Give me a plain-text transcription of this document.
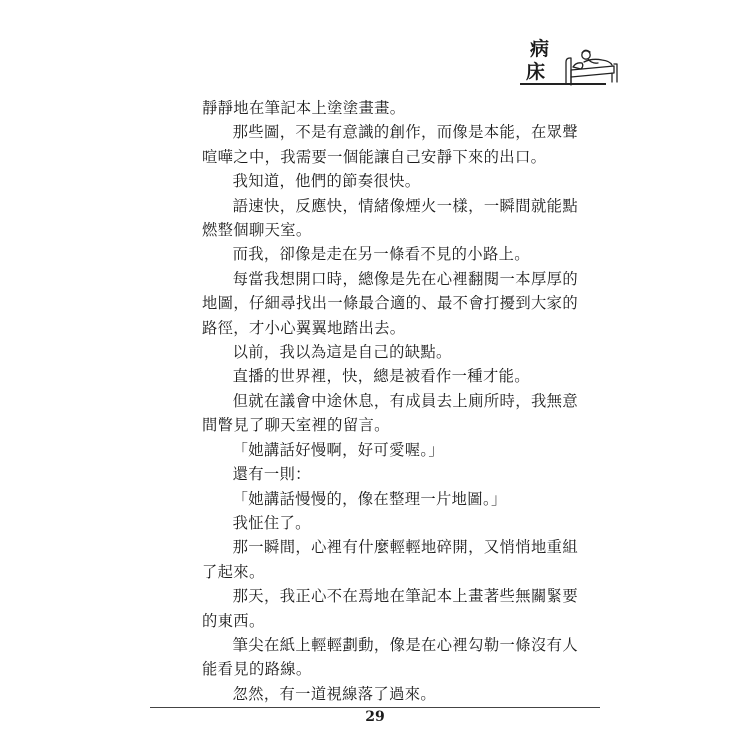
病
床

靜靜地在筆記本上塗塗畫畫。

那些圖，不是有意識的創作，而像是本能，在眾聲喧嘩之中，我需要一個能讓自己安靜下來的出口。

我知道，他們的節奏很快。

語速快，反應快，情緒像煙火一樣，一瞬間就能點燃整個聊天室。

而我，卻像是走在另一條看不見的小路上。

每當我想開口時，總像是先在心裡翻閱一本厚厚的地圖，仔細尋找出一條最合適的、最不會打擾到大家的路徑，才小心翼翼地踏出去。

以前，我以為這是自己的缺點。

直播的世界裡，快，總是被看作一種才能。

但就在議會中途休息，有成員去上廁所時，我無意間瞥見了聊天室裡的留言。

「她講話好慢啊，好可愛喔。」

還有一則：

「她講話慢慢的，像在整理一片地圖。」

我怔住了。

那一瞬間，心裡有什麼輕輕地碎開，又悄悄地重組了起來。

那天，我正心不在焉地在筆記本上畫著些無關緊要的東西。

筆尖在紙上輕輕劃動，像是在心裡勾勒一條沒有人能看見的路線。

忽然，有一道視線落了過來。

29
